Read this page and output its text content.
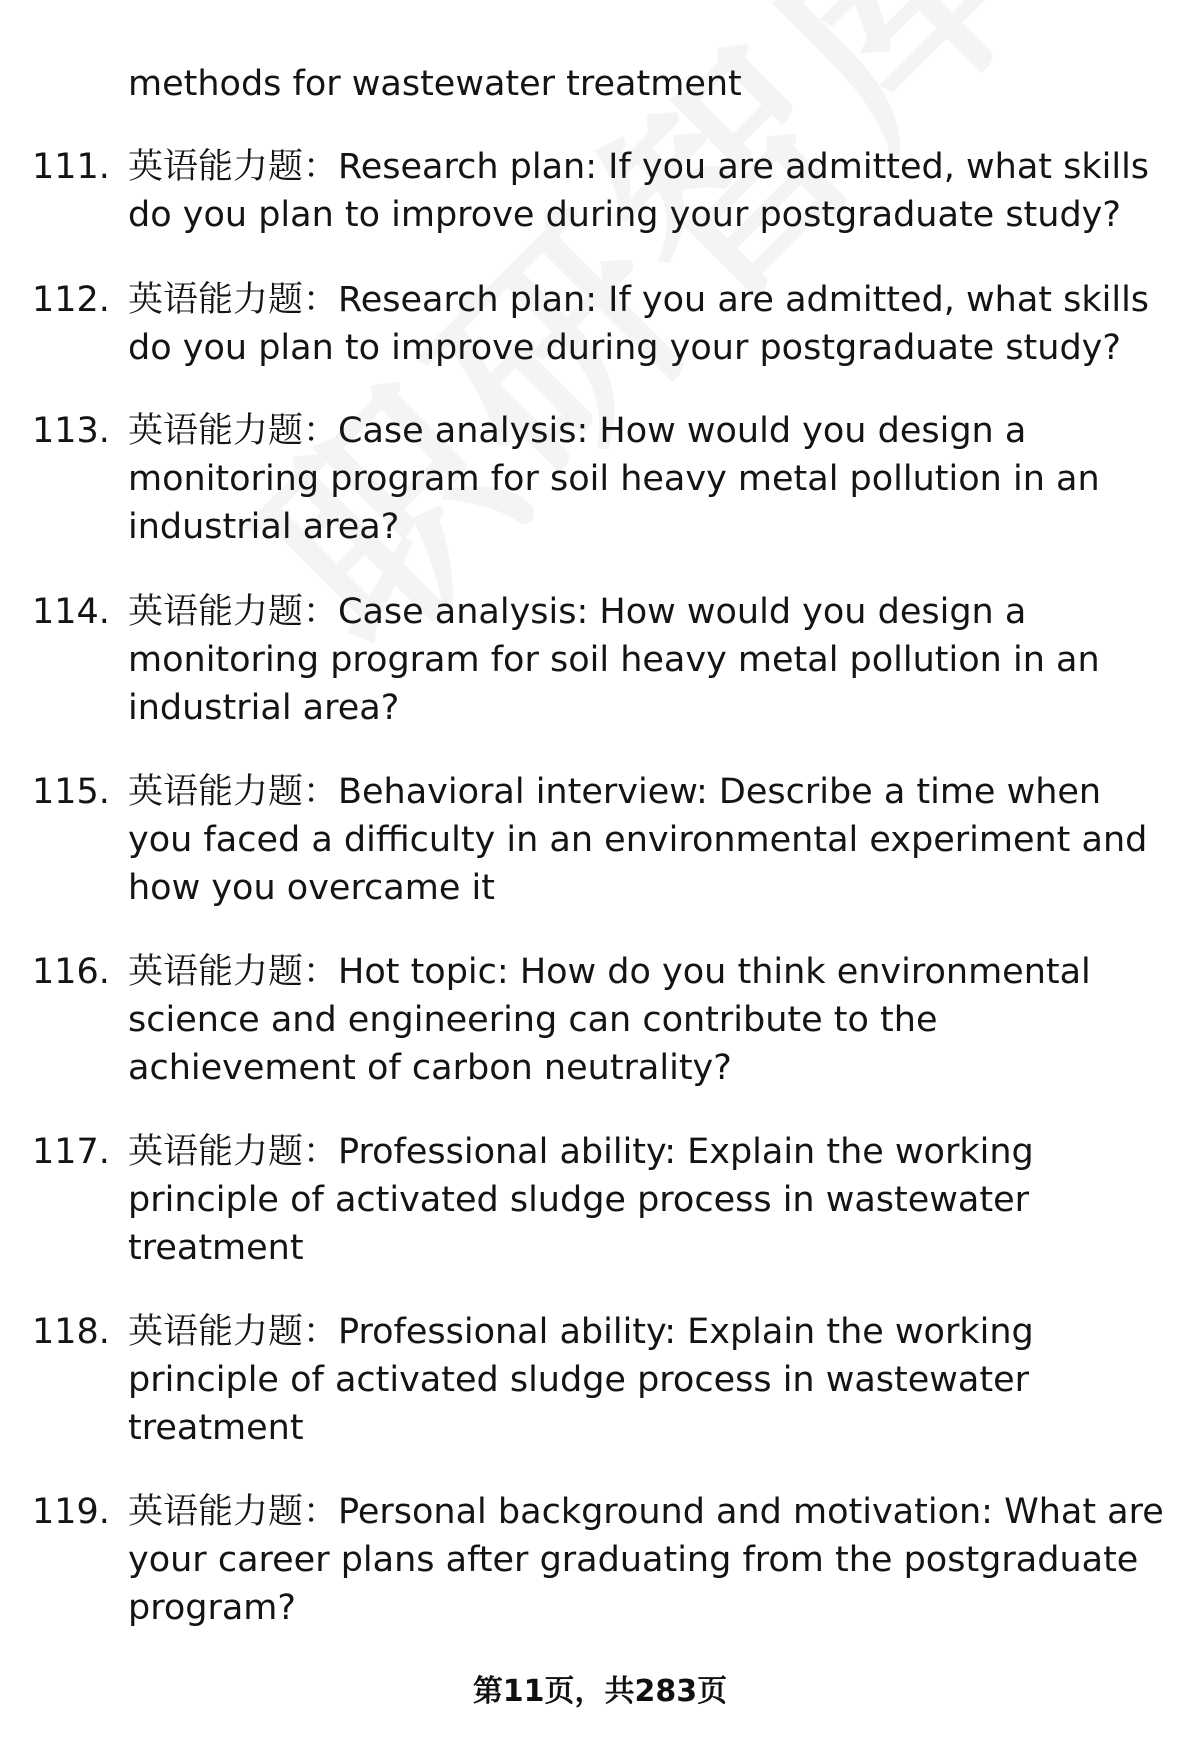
methods for wastewater treatment
111. 英语能力题：Research plan: If you are admitted, what skills do you plan to improve during your postgraduate study?
112. 英语能力题：Research plan: If you are admitted, what skills do you plan to improve during your postgraduate study?
113. 英语能力题：Case analysis: How would you design a monitoring program for soil heavy metal pollution in an industrial area?
114. 英语能力题：Case analysis: How would you design a monitoring program for soil heavy metal pollution in an industrial area?
115. 英语能力题：Behavioral interview: Describe a time when you faced a difficulty in an environmental experiment and how you overcame it
116. 英语能力题：Hot topic: How do you think environmental science and engineering can contribute to the achievement of carbon neutrality?
117. 英语能力题：Professional ability: Explain the working principle of activated sludge process in wastewater treatment
118. 英语能力题：Professional ability: Explain the working principle of activated sludge process in wastewater treatment
119. 英语能力题：Personal background and motivation: What are your career plans after graduating from the postgraduate program?
第11页，共283页
